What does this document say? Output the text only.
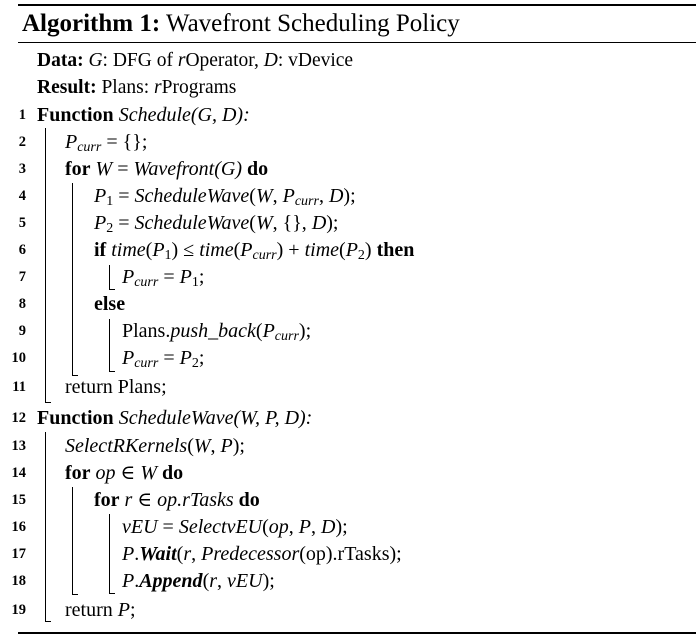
Algorithm 1: Wavefront Scheduling Policy
Data: G: DFG of rOperator, D: vDevice
Result: Plans: rPrograms
1 Function Schedule(G, D):
2 $P_{curr}$ = {};
3 for W = Wavefront(G) do
4	$P_1$ = ScheduleWave(W, $P_{curr}$, D);
5	$P_2$ = ScheduleWave(W, {}, D);
6	if $time(P_1)$ ≤ $time(P_{curr})$ + $time(P_2)$ then
7	$P_{curr} = P_1$;
8	else
9	$Plans.push\_back(P_{curr})$;
10	$P_{curr} = P_2$;
11 return Plans;
12 Function ScheduleWave(W, P, D):
13 SelectRKernels(W, P);
14 for op ∈ W do
15	for r ∈ op.rTasks do
16	vEU = SelectvEU(op, P, D);
17	P.Wait(r, Predecessor(op).rTasks);
18	P.Append(r, vEU);
19 return P;
